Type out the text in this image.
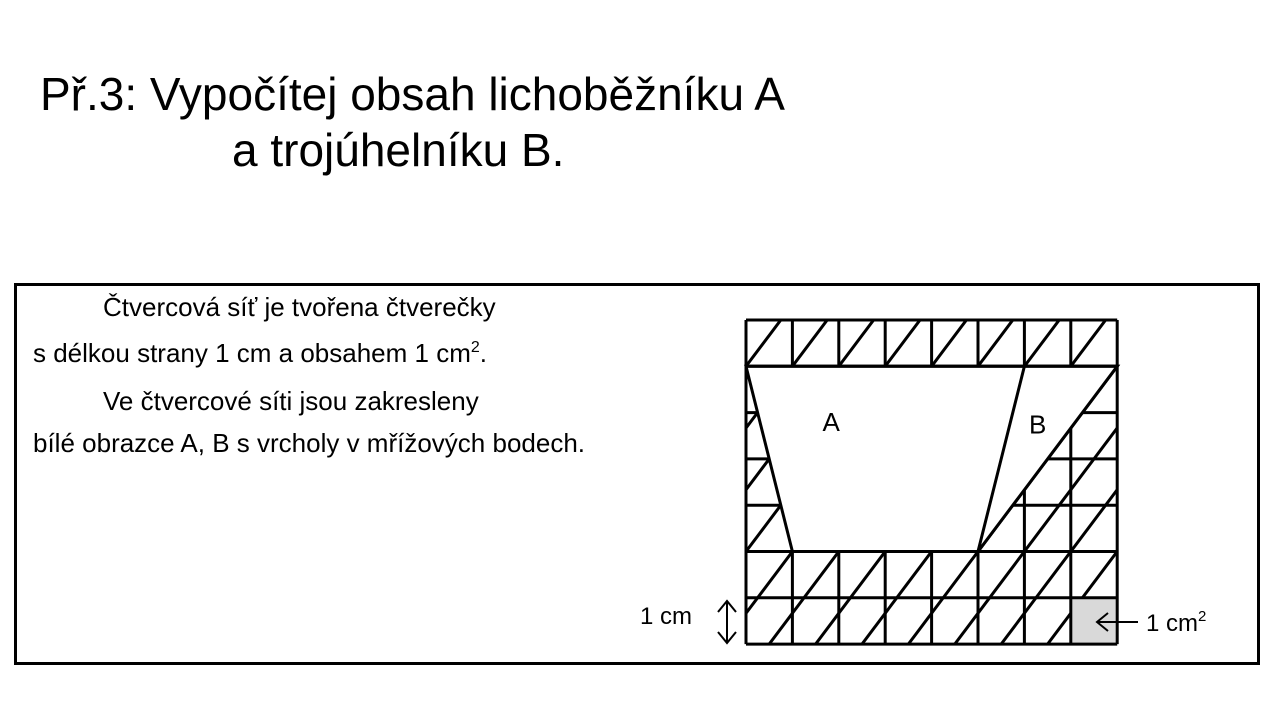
Př.3: Vypočítej obsah lichoběžníku A
a trojúhelníku B.

Čtvercová síť je tvořena čtverečky

s délkou strany 1 cm a obsahem 1 $cm^2$.

Ve čtvercové síti jsou zakresleny

bílé obrazce A, B s vrcholy v mřížových bodech.

A	B
1 cm	1 $cm^2$
